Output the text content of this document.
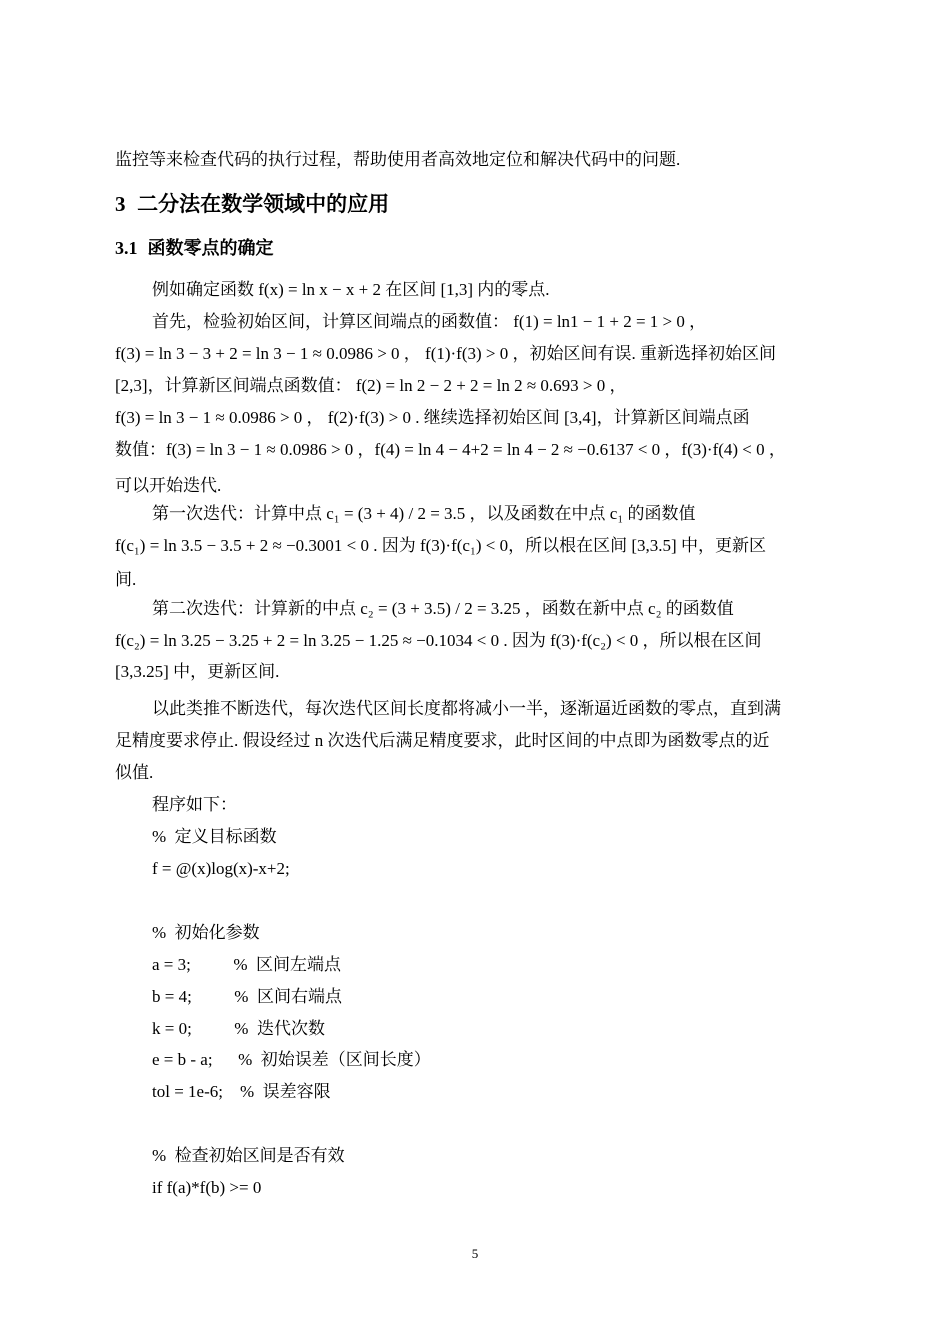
监控等来检查代码的执行过程，帮助使用者高效地定位和解决代码中的问题.
3 二分法在数学领域中的应用
3.1 函数零点的确定
例如确定函数 f(x) = ln x − x + 2 在区间 [1,3] 内的零点.
首先，检验初始区间，计算区间端点的函数值： f(1) = ln1 − 1 + 2 = 1 > 0 ，
f(3) = ln 3 − 3 + 2 = ln 3 − 1 ≈ 0.0986 > 0 ， f(1)·f(3) > 0 ，初始区间有误. 重新选择初始区间
[2,3]，计算新区间端点函数值： f(2) = ln 2 − 2 + 2 = ln 2 ≈ 0.693 > 0 ，
f(3) = ln 3 − 1 ≈ 0.0986 > 0 ， f(2)·f(3) > 0 . 继续选择初始区间 [3,4]，计算新区间端点函
数值：f(3) = ln 3 − 1 ≈ 0.0986 > 0 ，f(4) = ln 4 − 4+2 = ln 4 − 2 ≈ −0.6137 < 0 ，f(3)·f(4) < 0 ，
可以开始迭代.
第一次迭代：计算中点 c₁ = (3 + 4) / 2 = 3.5 ，以及函数在中点 c₁ 的函数值
f(c₁) = ln 3.5 − 3.5 + 2 ≈ −0.3001 < 0 . 因为 f(3)·f(c₁) < 0，所以根在区间 [3,3.5] 中，更新区
间.
第二次迭代：计算新的中点 c₂ = (3 + 3.5) / 2 = 3.25 ，函数在新中点 c₂ 的函数值
f(c₂) = ln 3.25 − 3.25 + 2 = ln 3.25 − 1.25 ≈ −0.1034 < 0 . 因为 f(3)·f(c₂) < 0 ，所以根在区间
[3,3.25] 中，更新区间.
以此类推不断迭代，每次迭代区间长度都将减小一半，逐渐逼近函数的零点，直到满
足精度要求停止. 假设经过 n 次迭代后满足精度要求，此时区间的中点即为函数零点的近
似值.
程序如下：
%  定义目标函数
f = @(x)log(x)-x+2;
%  初始化参数
a = 3;          %  区间左端点
b = 4;          %  区间右端点
k = 0;          %  迭代次数
e = b - a;      %  初始误差（区间长度）
tol = 1e-6;    %  误差容限
%  检查初始区间是否有效
if f(a)*f(b) >= 0
5
